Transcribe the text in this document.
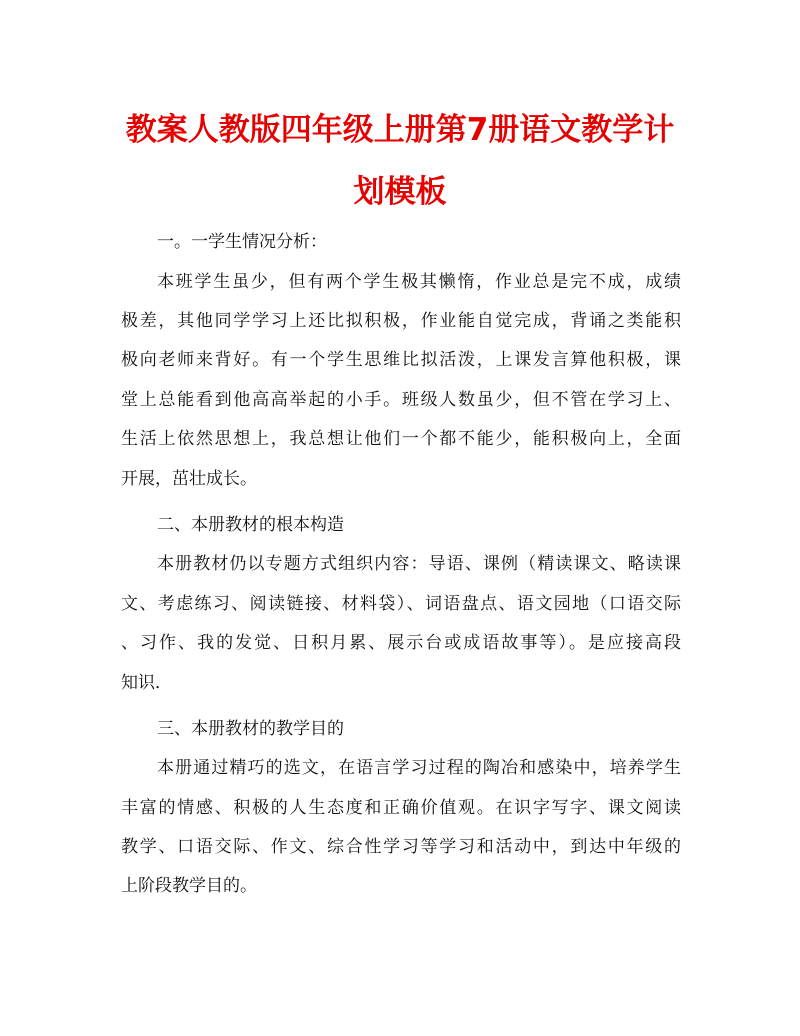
教案人教版四年级上册第7册语文教学计
划模板
一。一学生情况分析：
本班学生虽少，但有两个学生极其懒惰，作业总是完不成，成绩
极差，其他同学学习上还比拟积极，作业能自觉完成，背诵之类能积
极向老师来背好。有一个学生思维比拟活泼，上课发言算他积极，课
堂上总能看到他高高举起的小手。班级人数虽少，但不管在学习上、
生活上依然思想上，我总想让他们一个都不能少，能积极向上，全面
开展，茁壮成长。
二、本册教材的根本构造
本册教材仍以专题方式组织内容：导语、课例（精读课文、略读课
文、考虑练习、阅读链接、材料袋）、词语盘点、语文园地（口语交际
、习作、我的发觉、日积月累、展示台或成语故事等）。是应接高段
知识．
三、本册教材的教学目的
本册通过精巧的选文，在语言学习过程的陶冶和感染中，培养学生
丰富的情感、积极的人生态度和正确价值观。在识字写字、课文阅读
教学、口语交际、作文、综合性学习等学习和活动中，到达中年级的
上阶段教学目的。
